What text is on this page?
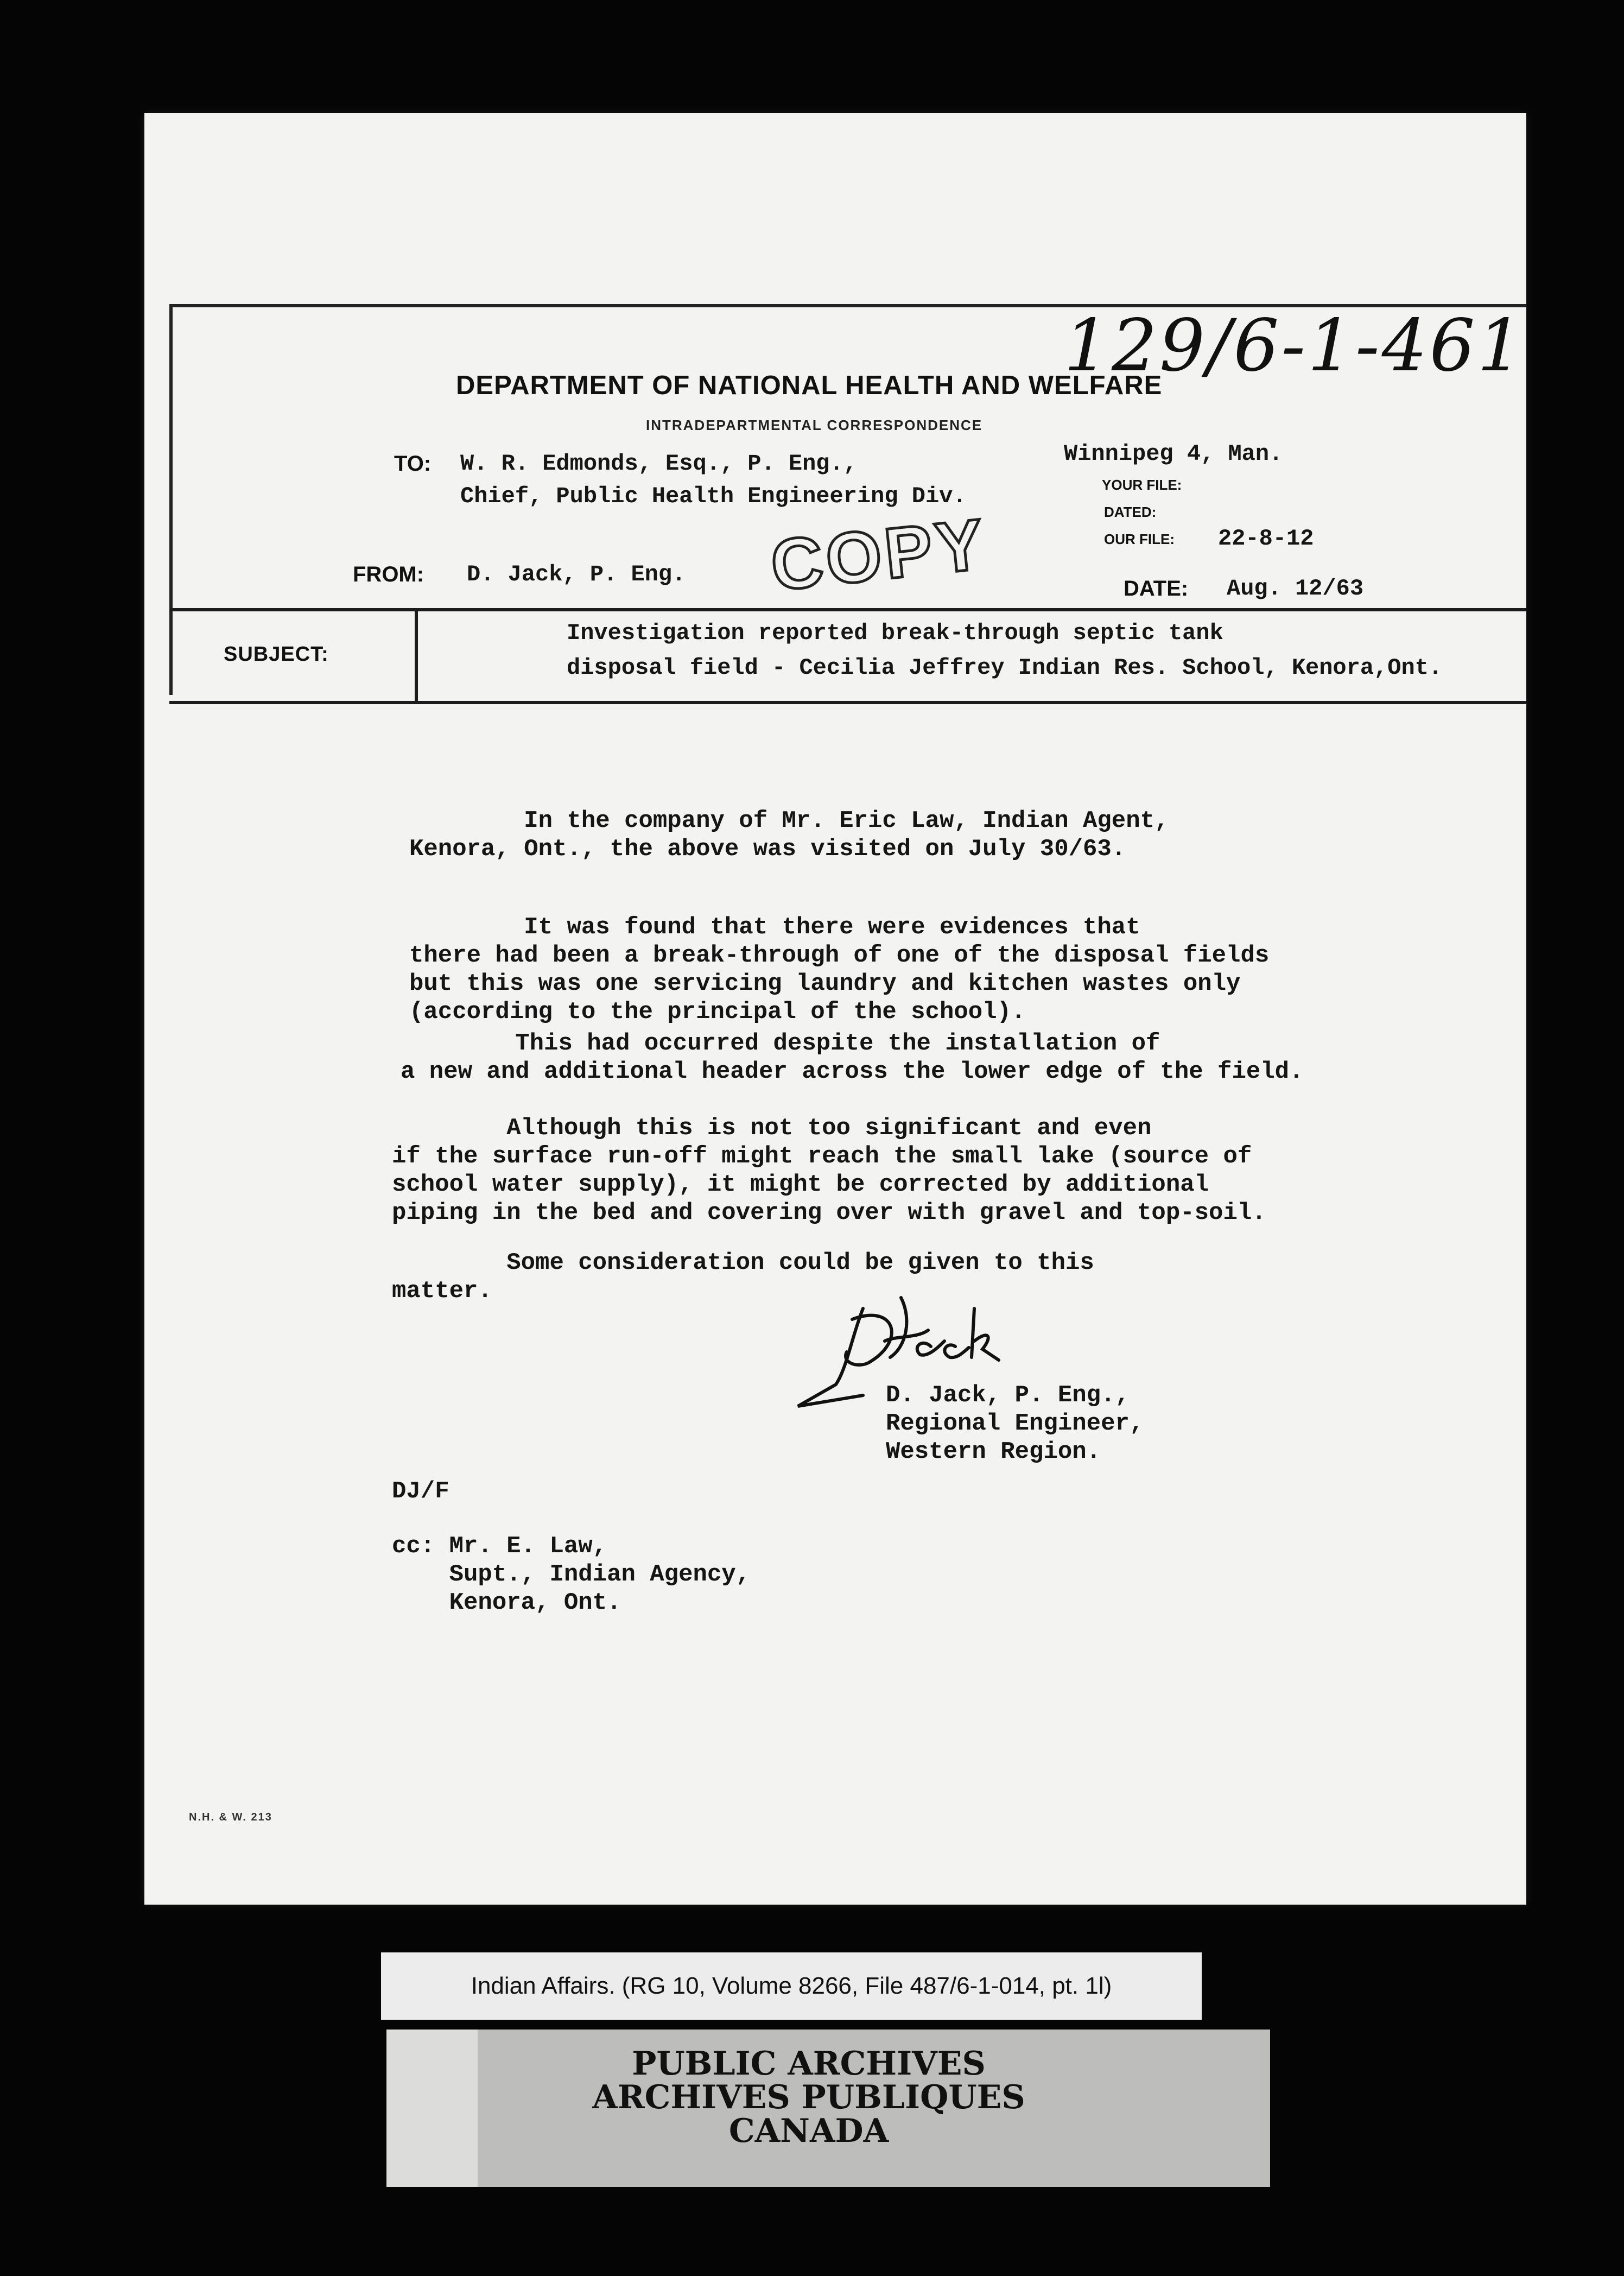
129/6-1-461
DEPARTMENT OF NATIONAL HEALTH AND WELFARE
INTRADEPARTMENTAL CORRESPONDENCE
TO: W. R. Edmonds, Esq., P. Eng.,
Chief, Public Health Engineering Div.
Winnipeg 4, Man.
YOUR FILE:
DATED:
OUR FILE: 22-8-12
FROM: D. Jack, P. Eng. COPY	DATE: Aug. 12/63
SUBJECT:
Investigation reported break-through septic tank
disposal field - Cecilia Jeffrey Indian Res. School, Kenora,Ont.
In the company of Mr. Eric Law, Indian Agent,
Kenora, Ont., the above was visited on July 30/63.
It was found that there were evidences that
there had been a break-through of one of the disposal fields
but this was one servicing laundry and kitchen wastes only
(according to the principal of the school).
This had occurred despite the installation of
a new and additional header across the lower edge of the field.
Although this is not too significant and even
if the surface run-off might reach the small lake (source of
school water supply), it might be corrected by additional
piping in the bed and covering over with gravel and top-soil.
Some consideration could be given to this
matter.
D. Jack, P. Eng.,
Regional Engineer,
Western Region.
DJ/F
cc: Mr. E. Law,
Supt., Indian Agency,
Kenora, Ont.
N.H. & W. 213
Indian Affairs. (RG 10, Volume 8266, File 487/6-1-014, pt. 1l)
PUBLIC ARCHIVES
ARCHIVES PUBLIQUES
CANADA
